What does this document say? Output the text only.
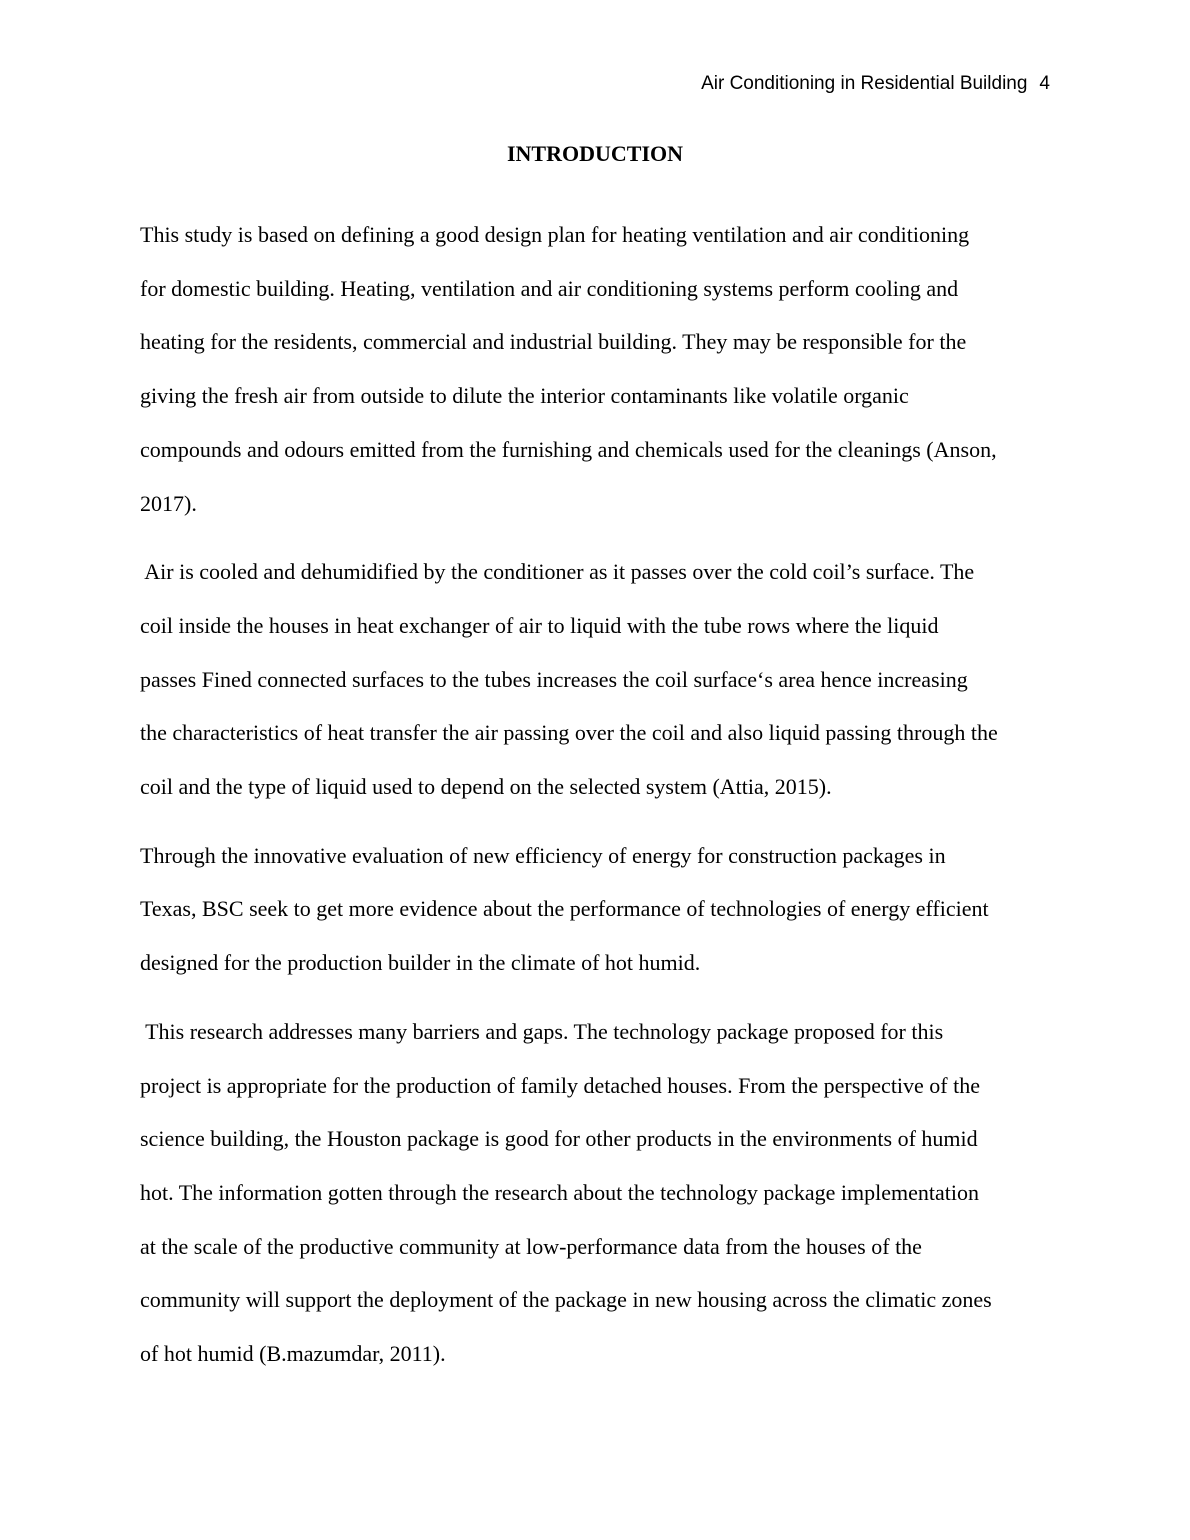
Air Conditioning in Residential Building 4
INTRODUCTION

This study is based on defining a good design plan for heating ventilation and air conditioning
for domestic building. Heating, ventilation and air conditioning systems perform cooling and
heating for the residents, commercial and industrial building. They may be responsible for the
giving the fresh air from outside to dilute the interior contaminants like volatile organic
compounds and odours emitted from the furnishing and chemicals used for the cleanings (Anson,
2017).

Air is cooled and dehumidified by the conditioner as it passes over the cold coil’s surface. The
coil inside the houses in heat exchanger of air to liquid with the tube rows where the liquid
passes Fined connected surfaces to the tubes increases the coil surface‘s area hence increasing
the characteristics of heat transfer the air passing over the coil and also liquid passing through the
coil and the type of liquid used to depend on the selected system (Attia, 2015).

Through the innovative evaluation of new efficiency of energy for construction packages in
Texas, BSC seek to get more evidence about the performance of technologies of energy efficient
designed for the production builder in the climate of hot humid.

This research addresses many barriers and gaps. The technology package proposed for this
project is appropriate for the production of family detached houses. From the perspective of the
science building, the Houston package is good for other products in the environments of humid
hot. The information gotten through the research about the technology package implementation
at the scale of the productive community at low-performance data from the houses of the
community will support the deployment of the package in new housing across the climatic zones
of hot humid (B.mazumdar, 2011).
